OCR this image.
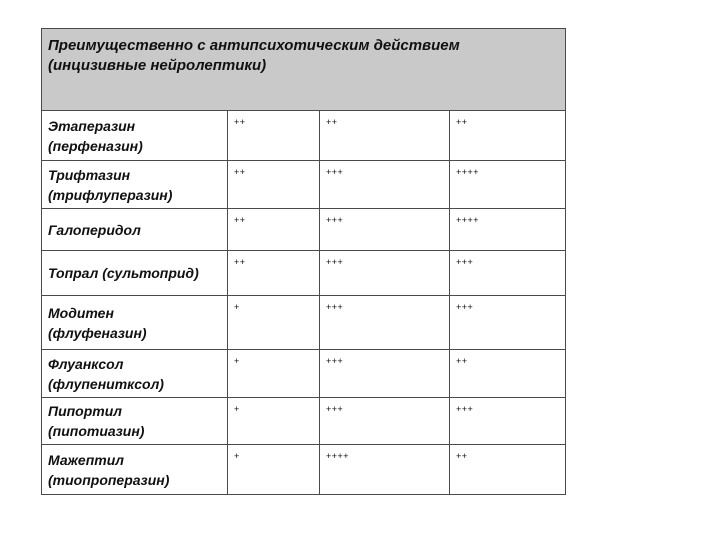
Преимущественно с антипсихотическим действием
(инцизивные нейролептики)			

Этаперазин
(перфеназин)	++	++	++

Трифтазин
(трифлуперазин)	++	+++	++++

Галоперидол	++	+++	++++

Топрал (сультоприд)	++	+++	+++

Модитен
(флуфеназин)	+	+++	+++

Флуанксол
(флупенитксол)	+	+++	++

Пипортил
(пипотиазин)	+	+++	+++

Мажептил
(тиопроперазин)	+	++++	++
